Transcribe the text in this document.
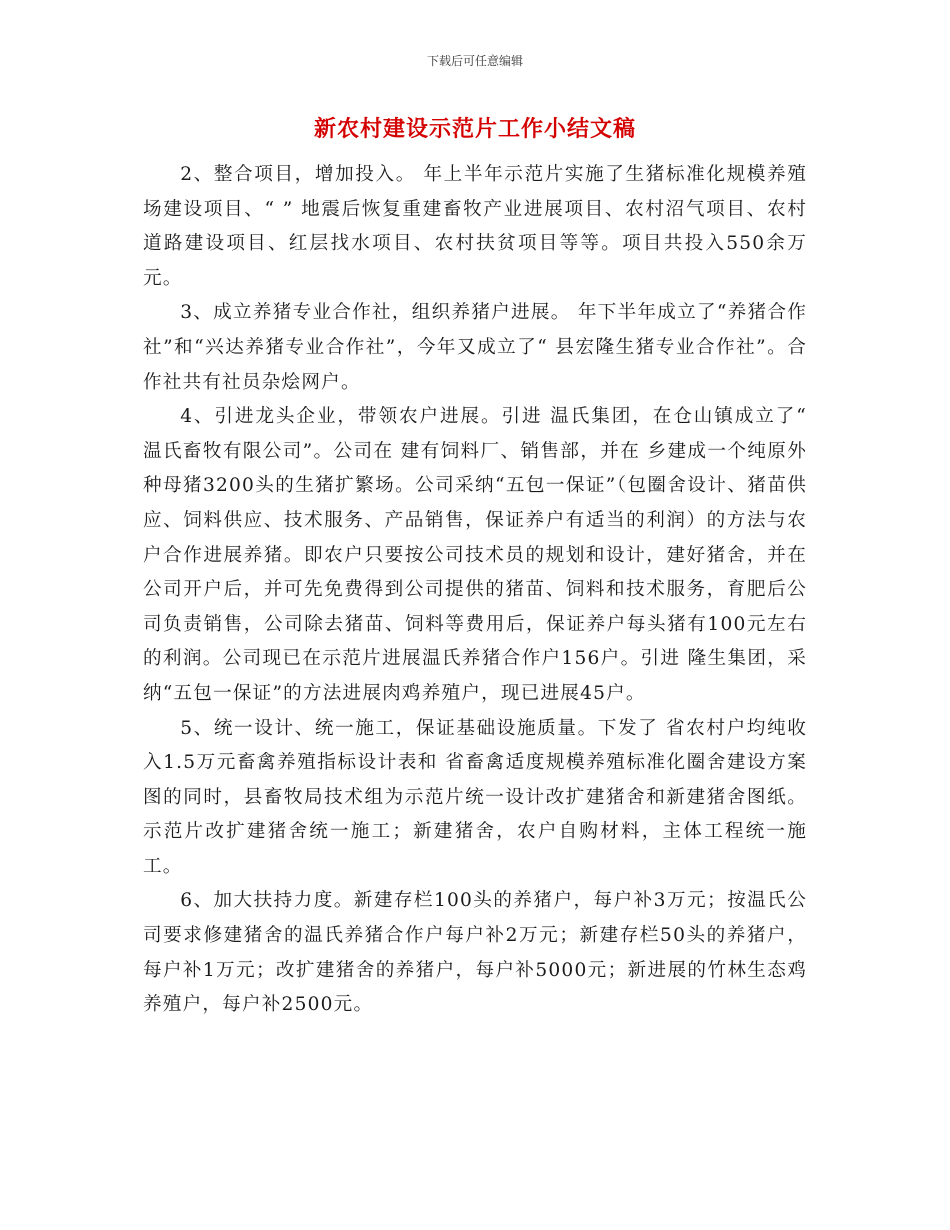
下载后可任意编辑
新农村建设示范片工作小结文稿

2、整合项目，增加投入。 年上半年示范片实施了生猪标准化规模养殖场建设项目、“ ” 地震后恢复重建畜牧产业进展项目、农村沼气项目、农村道路建设项目、红层找水项目、农村扶贫项目等等。项目共投入550余万元。

3、成立养猪专业合作社，组织养猪户进展。 年下半年成立了“养猪合作社”和“兴达养猪专业合作社”，今年又成立了“ 县宏隆生猪专业合作社”。合作社共有社员杂烩网户。

4、引进龙头企业，带领农户进展。引进 温氏集团，在仓山镇成立了“ 温氏畜牧有限公司”。公司在 建有饲料厂、销售部，并在 乡建成一个纯原外种母猪3200头的生猪扩繁场。公司采纳“五包一保证”（包圈舍设计、猪苗供应、饲料供应、技术服务、产品销售，保证养户有适当的利润）的方法与农户合作进展养猪。即农户只要按公司技术员的规划和设计，建好猪舍，并在公司开户后，并可先免费得到公司提供的猪苗、饲料和技术服务，育肥后公司负责销售，公司除去猪苗、饲料等费用后，保证养户每头猪有100元左右的利润。公司现已在示范片进展温氏养猪合作户156户。引进 隆生集团，采纳“五包一保证”的方法进展肉鸡养殖户，现已进展45户。

5、统一设计、统一施工，保证基础设施质量。下发了 省农村户均纯收入1.5万元畜禽养殖指标设计表和 省畜禽适度规模养殖标准化圈舍建设方案图的同时，县畜牧局技术组为示范片统一设计改扩建猪舍和新建猪舍图纸。示范片改扩建猪舍统一施工；新建猪舍，农户自购材料，主体工程统一施工。

6、加大扶持力度。新建存栏100头的养猪户，每户补3万元；按温氏公司要求修建猪舍的温氏养猪合作户每户补2万元；新建存栏50头的养猪户，每户补1万元；改扩建猪舍的养猪户，每户补5000元；新进展的竹林生态鸡养殖户，每户补2500元。
